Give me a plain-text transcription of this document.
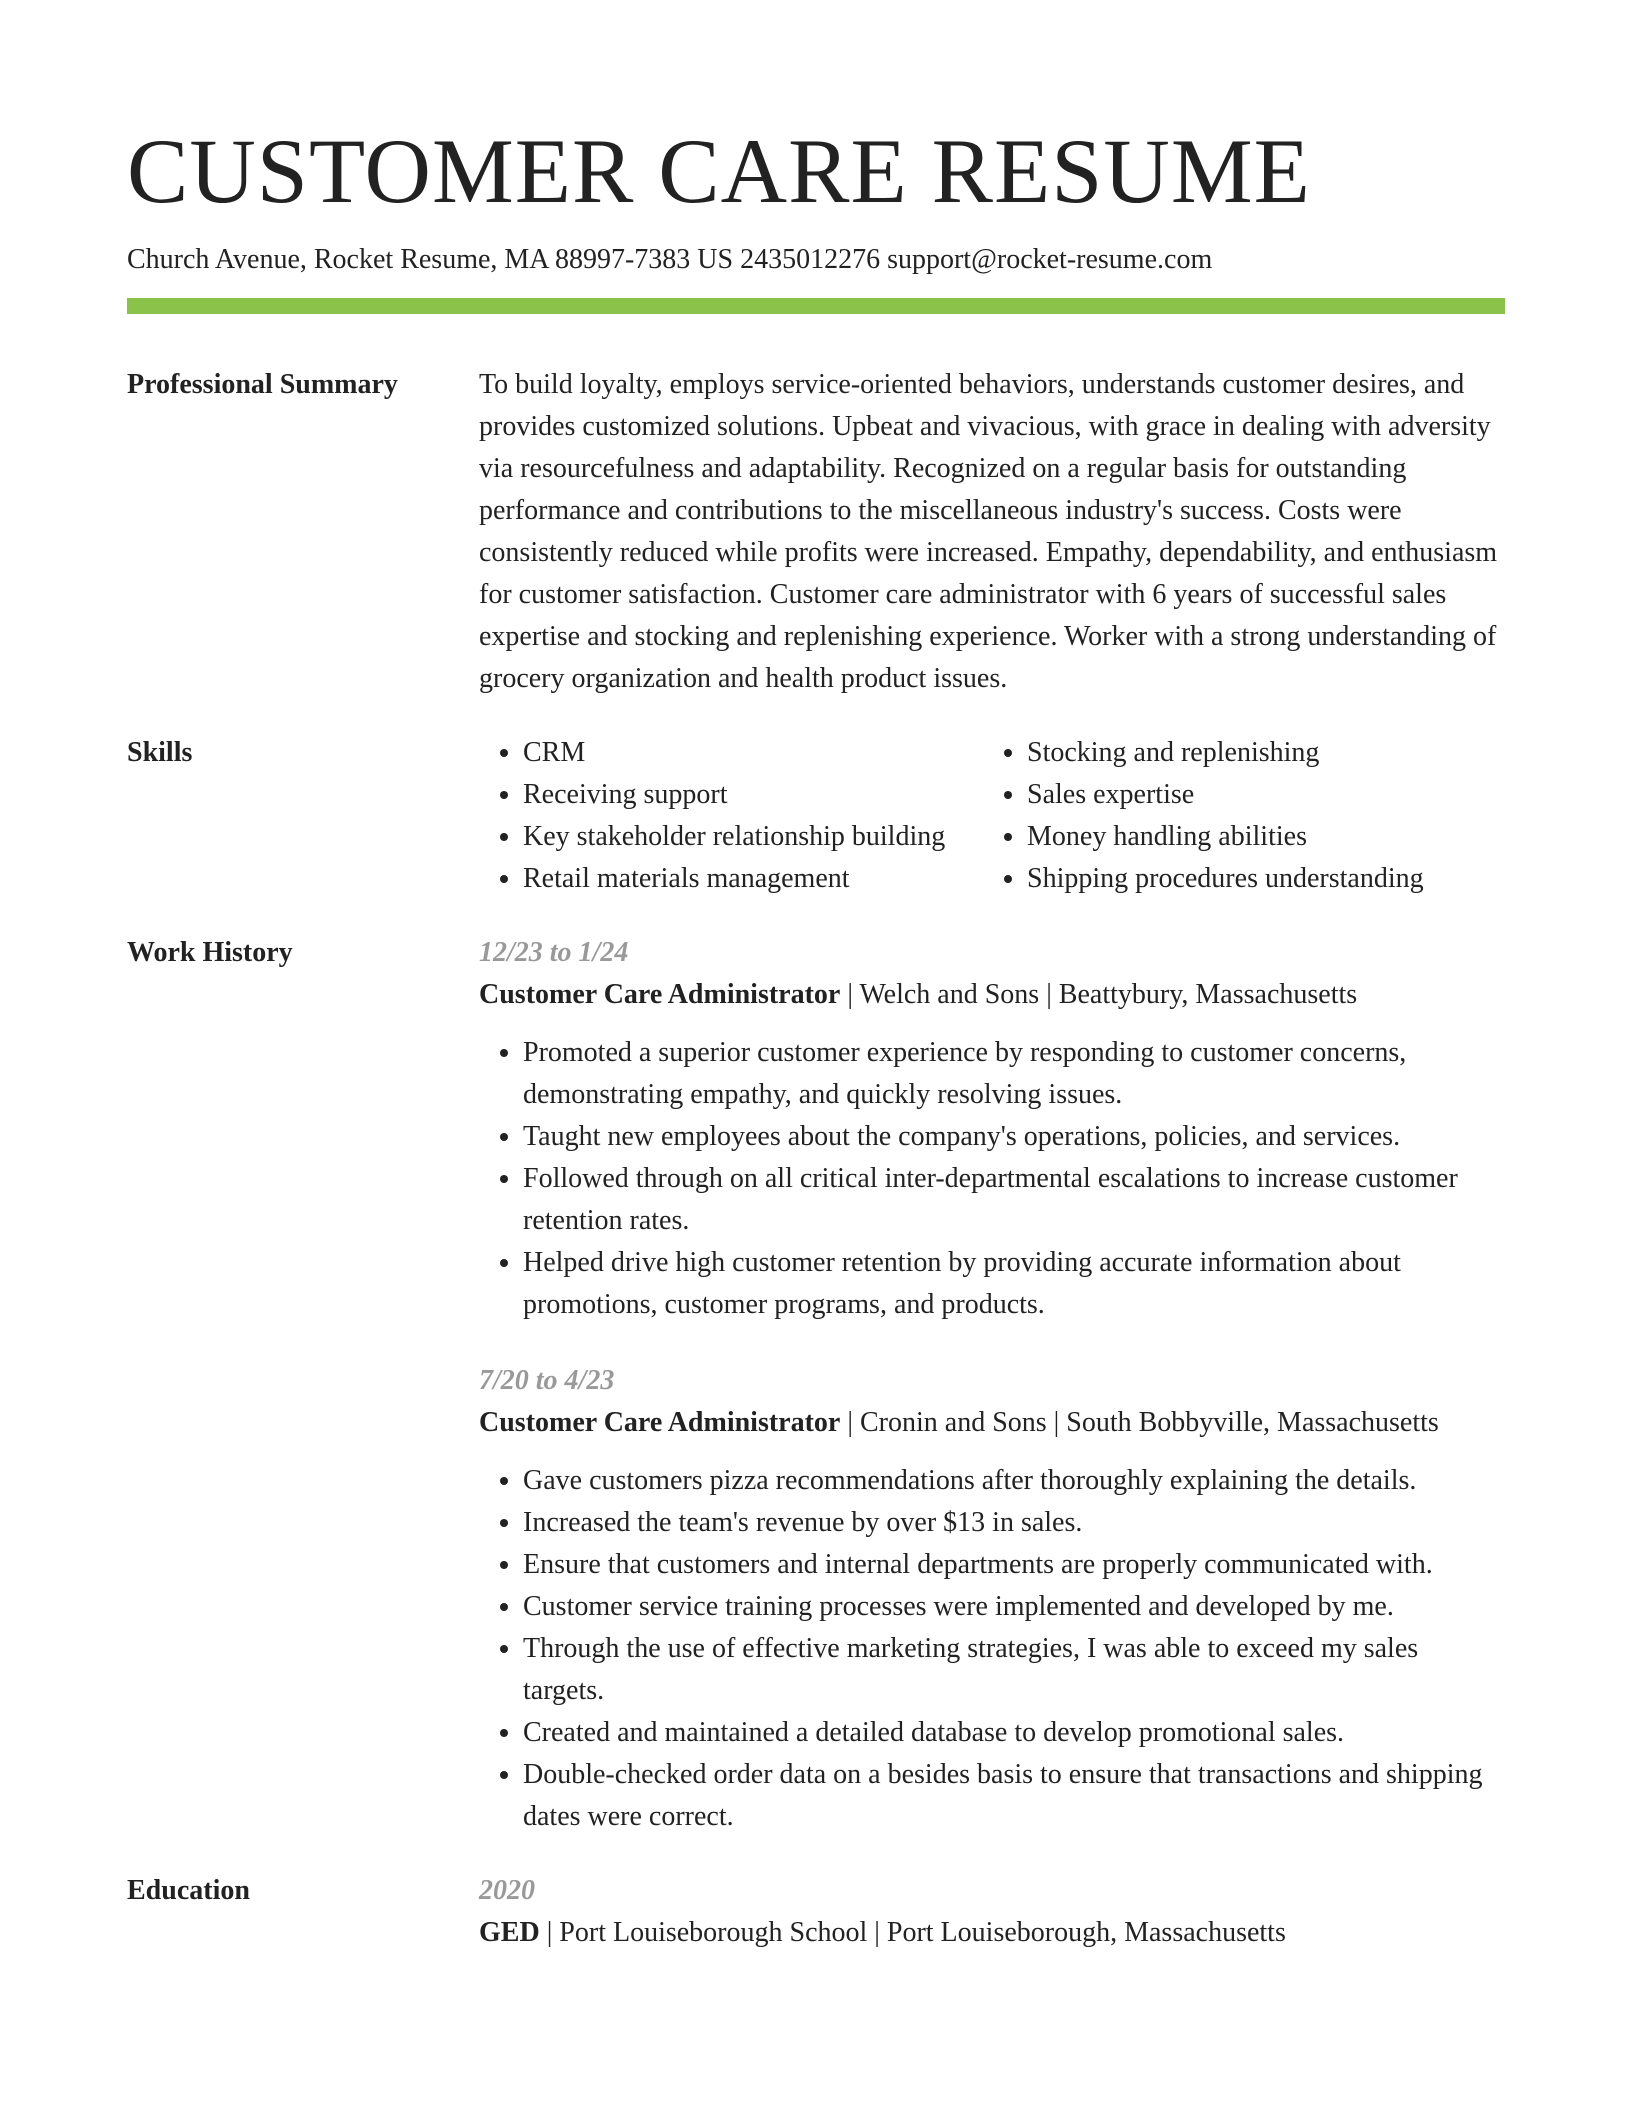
CUSTOMER CARE RESUME
Church Avenue, Rocket Resume, MA 88997-7383 US 2435012276 support@rocket-resume.com
Professional Summary	To build loyalty, employs service-oriented behaviors, understands customer desires, and provides customized solutions. Upbeat and vivacious, with grace in dealing with adversity via resourcefulness and adaptability. Recognized on a regular basis for outstanding performance and contributions to the miscellaneous industry's success. Costs were consistently reduced while profits were increased. Empathy, dependability, and enthusiasm for customer satisfaction. Customer care administrator with 6 years of successful sales expertise and stocking and replenishing experience. Worker with a strong understanding of grocery organization and health product issues.

Skills
•	CRM
• Receiving support
• Key stakeholder relationship building
• Retail materials management
• Stocking and replenishing
• Sales expertise
• Money handling abilities
• Shipping procedures understanding
Work History	12/23 to 1/24
Customer Care Administrator | Welch and Sons | Beattybury, Massachusetts
• Promoted a superior customer experience by responding to customer concerns, demonstrating empathy, and quickly resolving issues.
• Taught new employees about the company's operations, policies, and services.
• Followed through on all critical inter-departmental escalations to increase customer retention rates.
• Helped drive high customer retention by providing accurate information about promotions, customer programs, and products.
7/20 to 4/23
Customer Care Administrator | Cronin and Sons | South Bobbyville, Massachusetts
• Gave customers pizza recommendations after thoroughly explaining the details.
• Increased the team's revenue by over $13 in sales.
• Ensure that customers and internal departments are properly communicated with.
• Customer service training processes were implemented and developed by me.
• Through the use of effective marketing strategies, I was able to exceed my sales targets.
• Created and maintained a detailed database to develop promotional sales.
• Double-checked order data on a besides basis to ensure that transactions and shipping dates were correct.
Education	2020
GED | Port Louiseborough School | Port Louiseborough, Massachusetts
